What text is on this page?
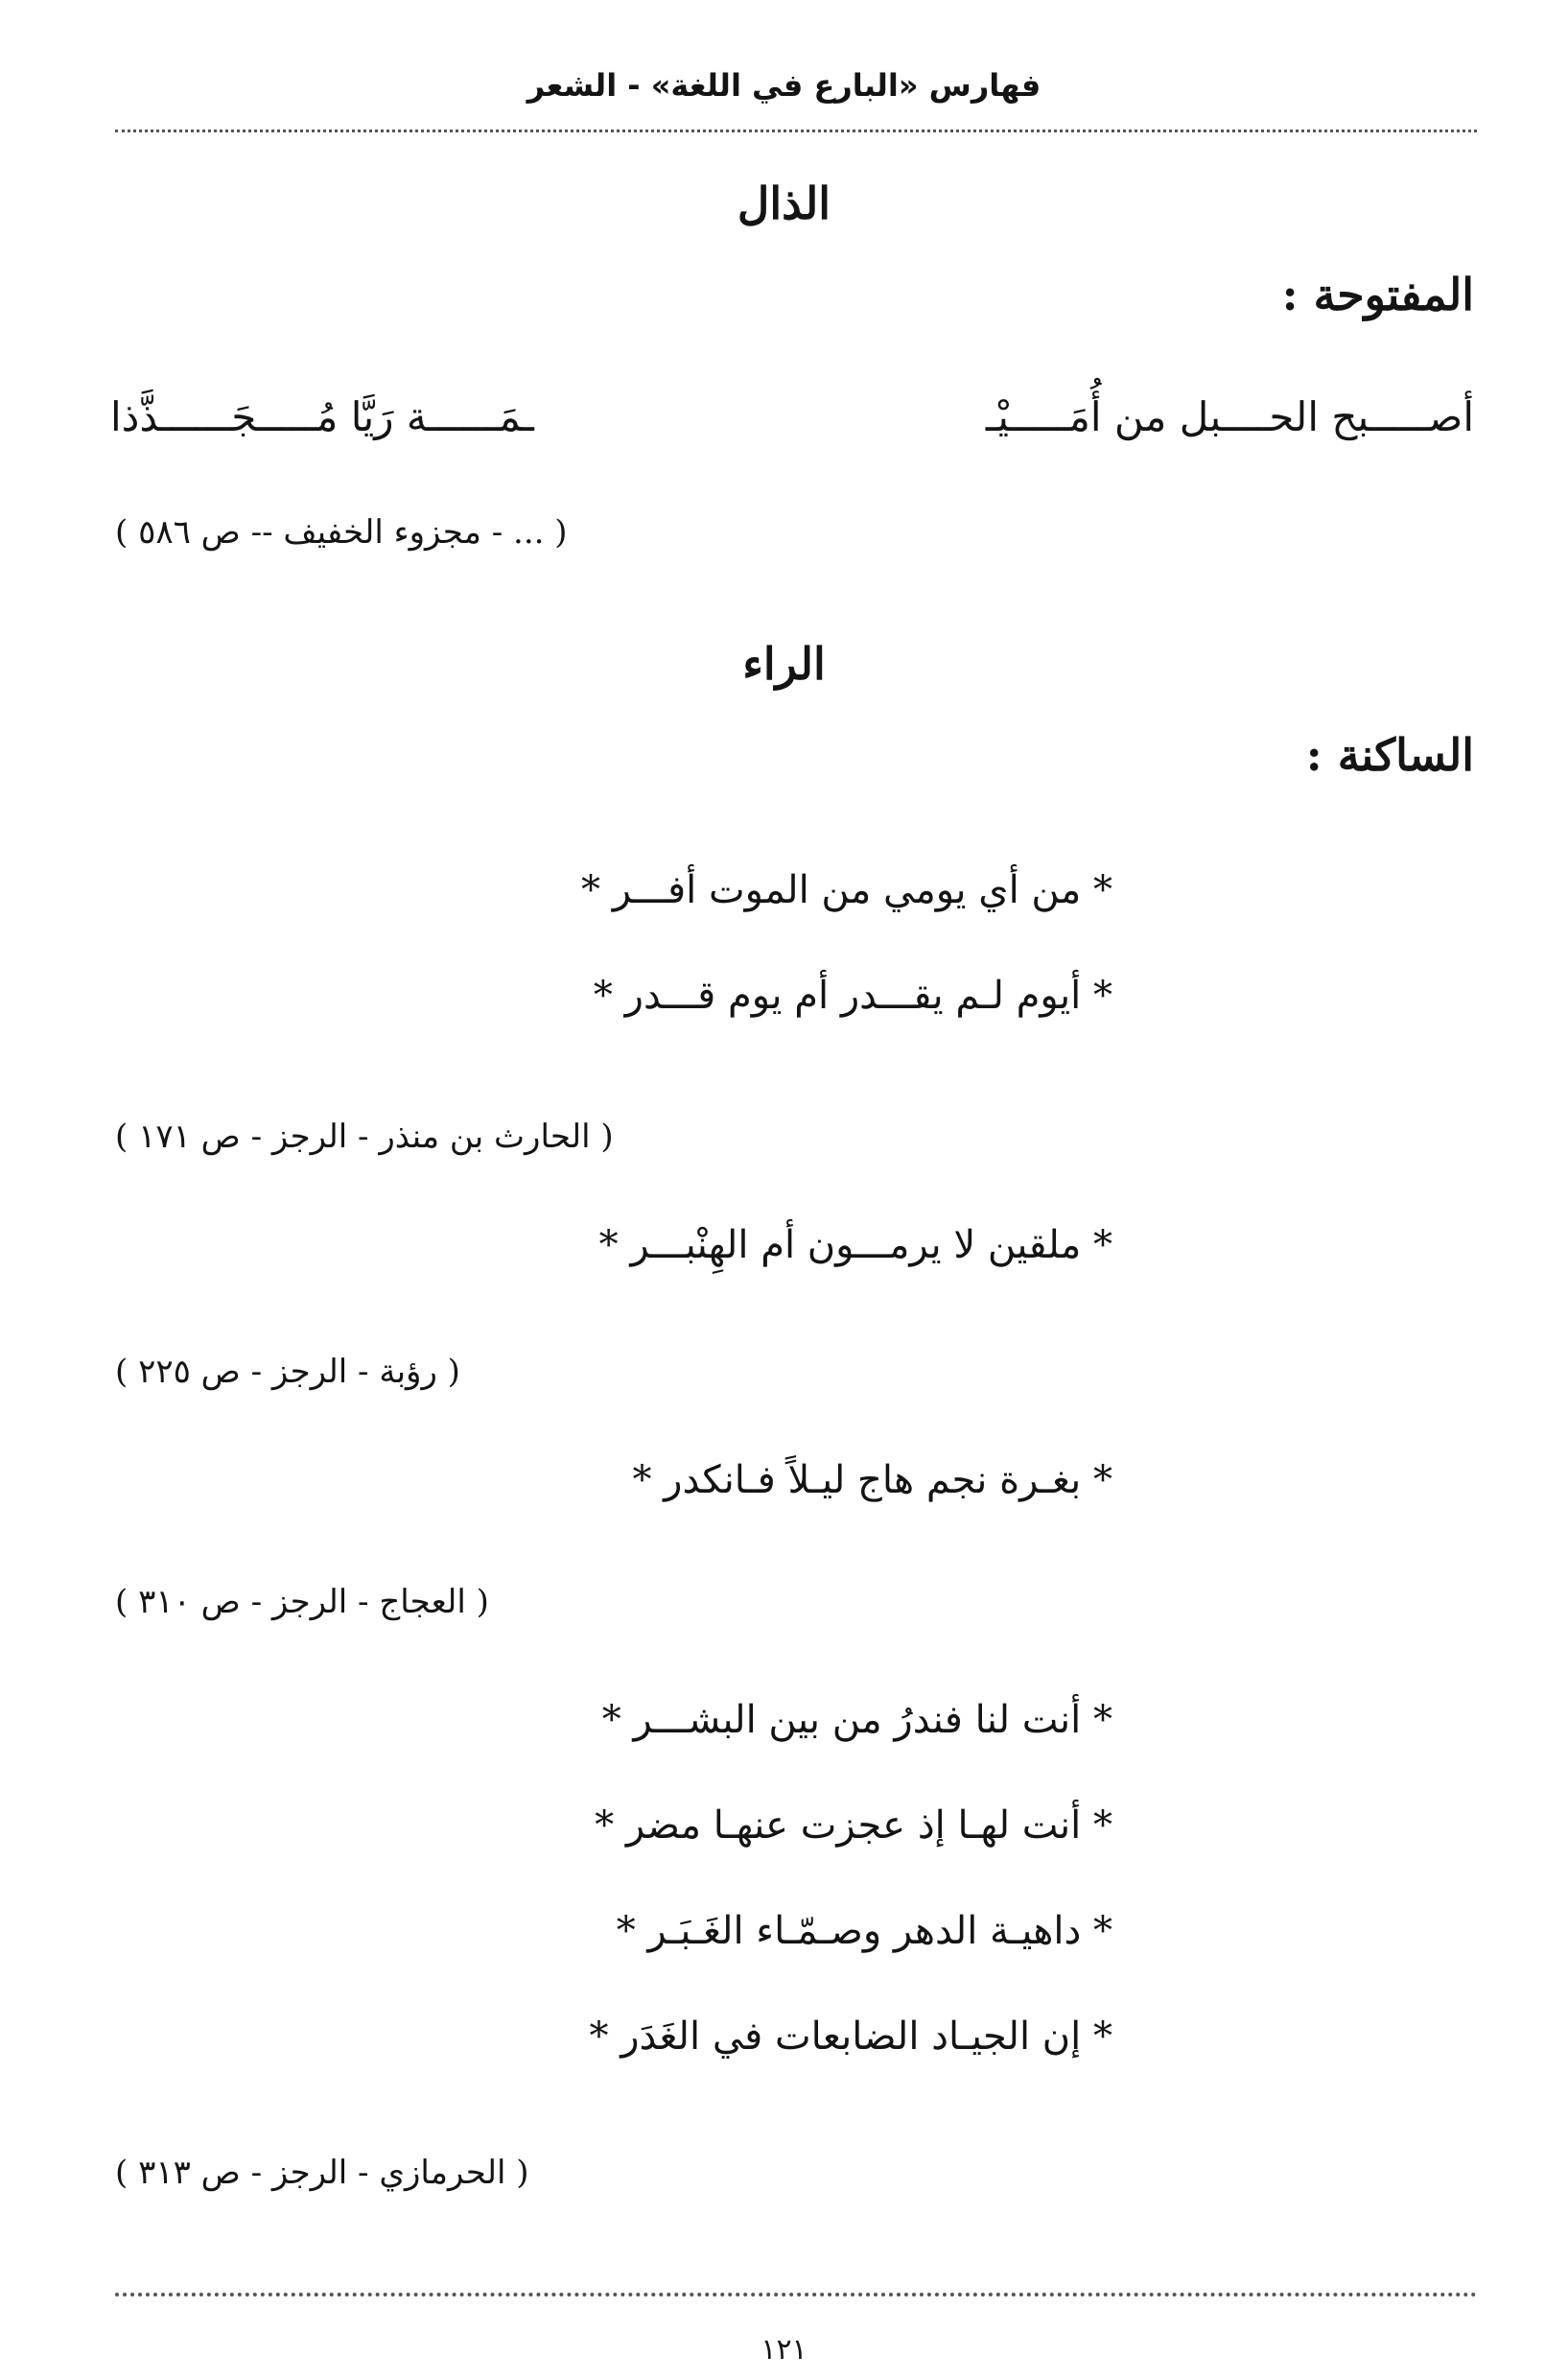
فهارس «البارع في اللغة» - الشعر
الذال
المفتوحة :
أصـــــبح الحــــبل من أُمَـــــيْـ
ـمَــــــة رَيَّا مُـــــجَــــــذَّذا
( ... - مجزوء الخفيف -- ص ٥٨٦ )
الراء
الساكنة :
* من أي يومي من الموت أفـــر *
* أيوم لـم يقـــدر أم يوم قـــدر *
( الحارث بن منذر - الرجز - ص ١٧١ )
* ملقين لا يرمـــون أم الهِنْبـــر *
( رؤبة - الرجز - ص ٢٢٥ )
* بغـرة نجم هاج ليـلاً فـانكدر *
( العجاج - الرجز - ص ٣١٠ )
* أنت لنا فندرُ من بين البشـــر *
* أنت لهـا إذ عجزت عنهـا مضر *
* داهيـة الدهر وصـمّـاء الغَـبَـر *
* إن الجيـاد الضابعات في الغَدَر *
( الحرمازي - الرجز - ص ٣١٣ )
١٢١
